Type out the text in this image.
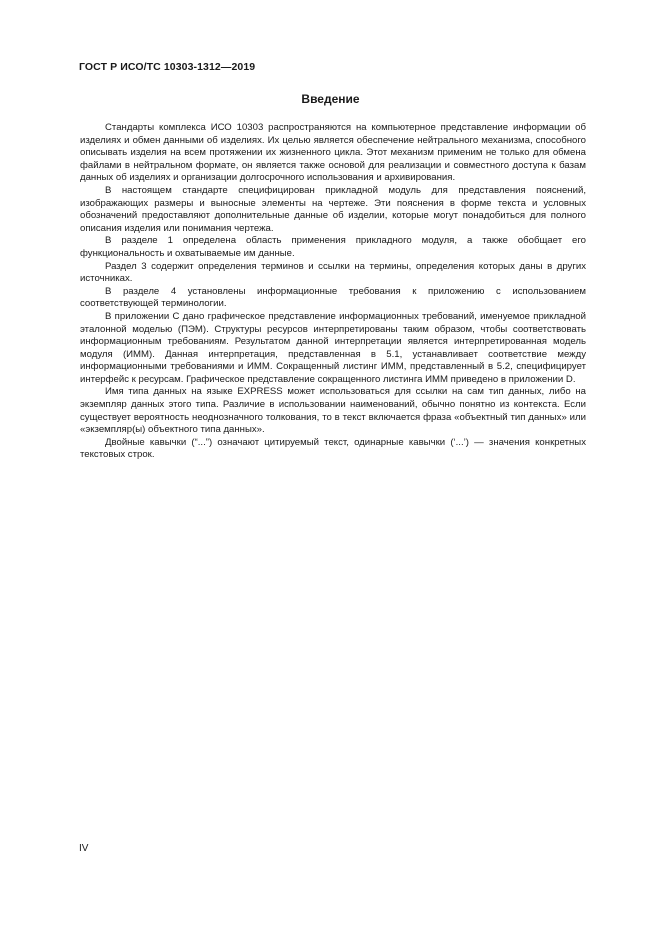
ГОСТ Р ИСО/ТС 10303-1312—2019
Введение

Стандарты комплекса ИСО 10303 распространяются на компьютерное представление информации об изделиях и обмен данными об изделиях. Их целью является обеспечение нейтрального механизма, способного описывать изделия на всем протяжении их жизненного цикла. Этот механизм применим не только для обмена файлами в нейтральном формате, он является также основой для реализации и совместного доступа к базам данных об изделиях и организации долгосрочного использования и архивирования.

В настоящем стандарте специфицирован прикладной модуль для представления пояснений, изображающих размеры и выносные элементы на чертеже. Эти пояснения в форме текста и условных обозначений предоставляют дополнительные данные об изделии, которые могут понадобиться для полного описания изделия или понимания чертежа.

В разделе 1 определена область применения прикладного модуля, а также обобщает его функциональность и охватываемые им данные.

Раздел 3 содержит определения терминов и ссылки на термины, определения которых даны в других источниках.

В разделе 4 установлены информационные требования к приложению с использованием соответствующей терминологии.

В приложении С дано графическое представление информационных требований, именуемое прикладной эталонной моделью (ПЭМ). Структуры ресурсов интерпретированы таким образом, чтобы соответствовать информационным требованиям. Результатом данной интерпретации является интерпретированная модель модуля (ИММ). Данная интерпретация, представленная в 5.1, устанавливает соответствие между информационными требованиями и ИММ. Сокращенный листинг ИММ, представленный в 5.2, специфицирует интерфейс к ресурсам. Графическое представление сокращенного листинга ИММ приведено в приложении D.

Имя типа данных на языке EXPRESS может использоваться для ссылки на сам тип данных, либо на экземпляр данных этого типа. Различие в использовании наименований, обычно понятно из контекста. Если существует вероятность неоднозначного толкования, то в текст включается фраза «объектный тип данных» или «экземпляр(ы) объектного типа данных».

Двойные кавычки (“...”) означают цитируемый текст, одинарные кавычки (‘...’) — значения конкретных текстовых строк.

IV
